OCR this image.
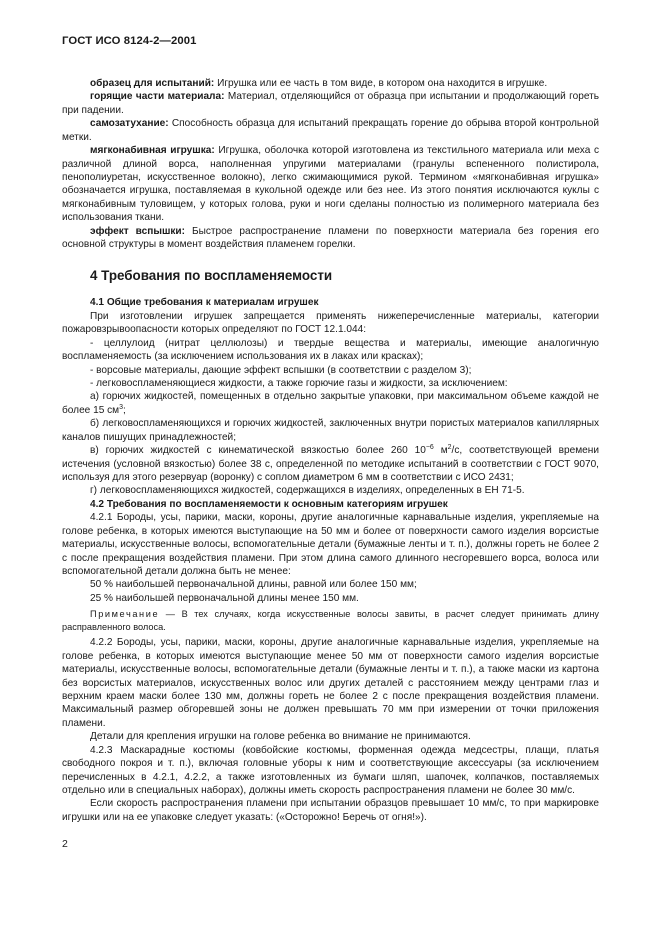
ГОСТ ИСО 8124-2—2001

образец для испытаний: Игрушка или ее часть в том виде, в котором она находится в игрушке.

горящие части материала: Материал, отделяющийся от образца при испытании и продолжающий гореть при падении.

самозатухание: Способность образца для испытаний прекращать горение до обрыва второй контрольной метки.

мягконабивная игрушка: Игрушка, оболочка которой изготовлена из текстильного материала или меха с различной длиной ворса, наполненная упругими материалами (гранулы вспененного полистирола, пенополиуретан, искусственное волокно), легко сжимающимися рукой. Термином «мягконабивная игрушка» обозначается игрушка, поставляемая в кукольной одежде или без нее. Из этого понятия исключаются куклы с мягконабивным туловищем, у которых голова, руки и ноги сделаны полностью из полимерного материала без использования ткани.

эффект вспышки: Быстрое распространение пламени по поверхности материала без горения его основной структуры в момент воздействия пламенем горелки.

4 Требования по воспламеняемости

4.1 Общие требования к материалам игрушек

При изготовлении игрушек запрещается применять нижеперечисленные материалы, категории пожаровзрывоопасности которых определяют по ГОСТ 12.1.044:

- целлулоид (нитрат целлюлозы) и твердые вещества и материалы, имеющие аналогичную воспламеняемость (за исключением использования их в лаках или красках);

- ворсовые материалы, дающие эффект вспышки (в соответствии с разделом 3);

- легковоспламеняющиеся жидкости, а также горючие газы и жидкости, за исключением:

а) горючих жидкостей, помещенных в отдельно закрытые упаковки, при максимальном объеме каждой не более 15 $см^3$;

б) легковоспламеняющихся и горючих жидкостей, заключенных внутри пористых материалов капиллярных каналов пишущих принадлежностей;

в) горючих жидкостей с кинематической вязкостью более 260 $10^{-6}$ $м^2/с$, соответствующей времени истечения (условной вязкостью) более 38 с, определенной по методике испытаний в соответствии с ГОСТ 9070, используя для этого резервуар (воронку) с соплом диаметром 6 мм в соответствии с ИСО 2431;

г) легковоспламеняющихся жидкостей, содержащихся в изделиях, определенных в ЕН 71-5.

4.2 Требования по воспламеняемости к основным категориям игрушек

4.2.1 Бороды, усы, парики, маски, короны, другие аналогичные карнавальные изделия, укрепляемые на голове ребенка, в которых имеются выступающие на 50 мм и более от поверхности самого изделия ворсистые материалы, искусственные волосы, вспомогательные детали (бумажные ленты и т. п.), должны гореть не более 2 с после прекращения воздействия пламени. При этом длина самого длинного несгоревшего ворса, волоса или вспомогательной детали должна быть не менее:

50 % наибольшей первоначальной длины, равной или более 150 мм;

25 % наибольшей первоначальной длины менее 150 мм.

Примечание — В тех случаях, когда искусственные волосы завиты, в расчет следует принимать длину расправленного волоса.

4.2.2 Бороды, усы, парики, маски, короны, другие аналогичные карнавальные изделия, укрепляемые на голове ребенка, в которых имеются выступающие менее 50 мм от поверхности самого изделия ворсистые материалы, искусственные волосы, вспомогательные детали (бумажные ленты и т. п.), а также маски из картона без ворсистых материалов, искусственных волос или других деталей с расстоянием между центрами глаз и верхним краем маски более 130 мм, должны гореть не более 2 с после прекращения воздействия пламени. Максимальный размер обгоревшей зоны не должен превышать 70 мм при измерении от точки приложения пламени.

Детали для крепления игрушки на голове ребенка во внимание не принимаются.

4.2.3 Маскарадные костюмы (ковбойские костюмы, форменная одежда медсестры, плащи, платья свободного покроя и т. п.), включая головные уборы к ним и соответствующие аксессуары (за исключением перечисленных в 4.2.1, 4.2.2, а также изготовленных из бумаги шляп, шапочек, колпачков, поставляемых отдельно или в специальных наборах), должны иметь скорость распространения пламени не более 30 мм/с.

Если скорость распространения пламени при испытании образцов превышает 10 мм/с, то при маркировке игрушки или на ее упаковке следует указать: («Осторожно! Беречь от огня!»).

2
